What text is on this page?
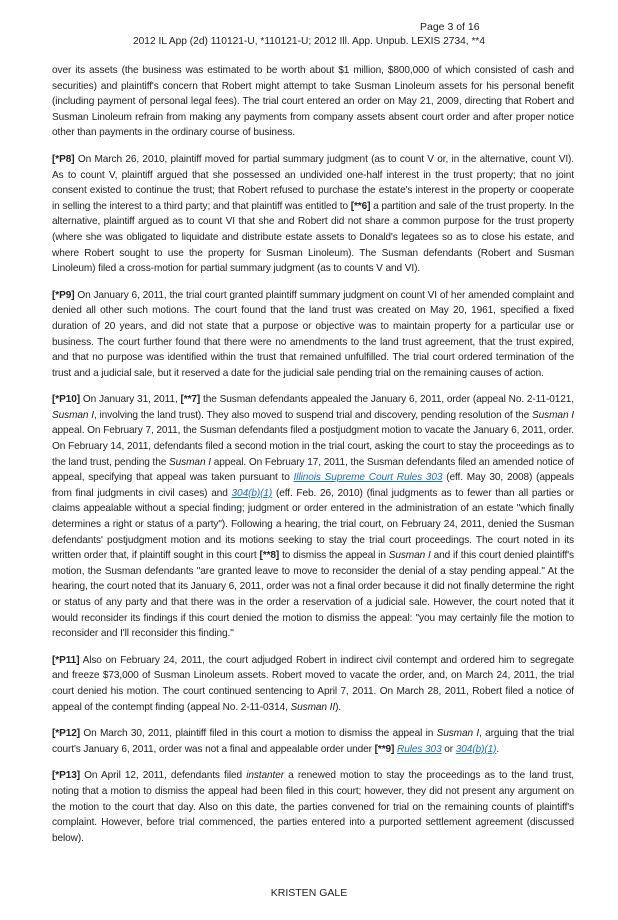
Page 3 of 16
2012 IL App (2d) 110121-U, *110121-U; 2012 Ill. App. Unpub. LEXIS 2734, **4

over its assets (the business was estimated to be worth about $1 million, $800,000 of which consisted of cash and securities) and plaintiff's concern that Robert might attempt to take Susman Linoleum assets for his personal benefit (including payment of personal legal fees). The trial court entered an order on May 21, 2009, directing that Robert and Susman Linoleum refrain from making any payments from company assets absent court order and after proper notice other than payments in the ordinary course of business.

[*P8] On March 26, 2010, plaintiff moved for partial summary judgment (as to count V or, in the alternative, count VI). As to count V, plaintiff argued that she possessed an undivided one-half interest in the trust property; that no joint consent existed to continue the trust; that Robert refused to purchase the estate's interest in the property or cooperate in selling the interest to a third party; and that plaintiff was entitled to [**6] a partition and sale of the trust property. In the alternative, plaintiff argued as to count VI that she and Robert did not share a common purpose for the trust property (where she was obligated to liquidate and distribute estate assets to Donald's legatees so as to close his estate, and where Robert sought to use the property for Susman Linoleum). The Susman defendants (Robert and Susman Linoleum) filed a cross-motion for partial summary judgment (as to counts V and VI).

[*P9] On January 6, 2011, the trial court granted plaintiff summary judgment on count VI of her amended complaint and denied all other such motions. The court found that the land trust was created on May 20, 1961, specified a fixed duration of 20 years, and did not state that a purpose or objective was to maintain property for a particular use or business. The court further found that there were no amendments to the land trust agreement, that the trust expired, and that no purpose was identified within the trust that remained unfulfilled. The trial court ordered termination of the trust and a judicial sale, but it reserved a date for the judicial sale pending trial on the remaining causes of action.

[*P10] On January 31, 2011, [**7] the Susman defendants appealed the January 6, 2011, order (appeal No. 2-11-0121, Susman I, involving the land trust). They also moved to suspend trial and discovery, pending resolution of the Susman I appeal. On February 7, 2011, the Susman defendants filed a postjudgment motion to vacate the January 6, 2011, order. On February 14, 2011, defendants filed a second motion in the trial court, asking the court to stay the proceedings as to the land trust, pending the Susman I appeal. On February 17, 2011, the Susman defendants filed an amended notice of appeal, specifying that appeal was taken pursuant to Illinois Supreme Court Rules 303 (eff. May 30, 2008) (appeals from final judgments in civil cases) and 304(b)(1) (eff. Feb. 26, 2010) (final judgments as to fewer than all parties or claims appealable without a special finding; judgment or order entered in the administration of an estate "which finally determines a right or status of a party"). Following a hearing, the trial court, on February 24, 2011, denied the Susman defendants' postjudgment motion and its motions seeking to stay the trial court proceedings. The court noted in its written order that, if plaintiff sought in this court [**8] to dismiss the appeal in Susman I and if this court denied plaintiff's motion, the Susman defendants "are granted leave to move to reconsider the denial of a stay pending appeal." At the hearing, the court noted that its January 6, 2011, order was not a final order because it did not finally determine the right or status of any party and that there was in the order a reservation of a judicial sale. However, the court noted that it would reconsider its findings if this court denied the motion to dismiss the appeal: "you may certainly file the motion to reconsider and I'll reconsider this finding."

[*P11] Also on February 24, 2011, the court adjudged Robert in indirect civil contempt and ordered him to segregate and freeze $73,000 of Susman Linoleum assets. Robert moved to vacate the order, and, on March 24, 2011, the trial court denied his motion. The court continued sentencing to April 7, 2011. On March 28, 2011, Robert filed a notice of appeal of the contempt finding (appeal No. 2-11-0314, Susman II).

[*P12] On March 30, 2011, plaintiff filed in this court a motion to dismiss the appeal in Susman I, arguing that the trial court's January 6, 2011, order was not a final and appealable order under [**9] Rules 303 or 304(b)(1).

[*P13] On April 12, 2011, defendants filed instanter a renewed motion to stay the proceedings as to the land trust, noting that a motion to dismiss the appeal had been filed in this court; however, they did not present any argument on the motion to the court that day. Also on this date, the parties convened for trial on the remaining counts of plaintiff's complaint. However, before trial commenced, the parties entered into a purported settlement agreement (discussed below).

KRISTEN GALE
